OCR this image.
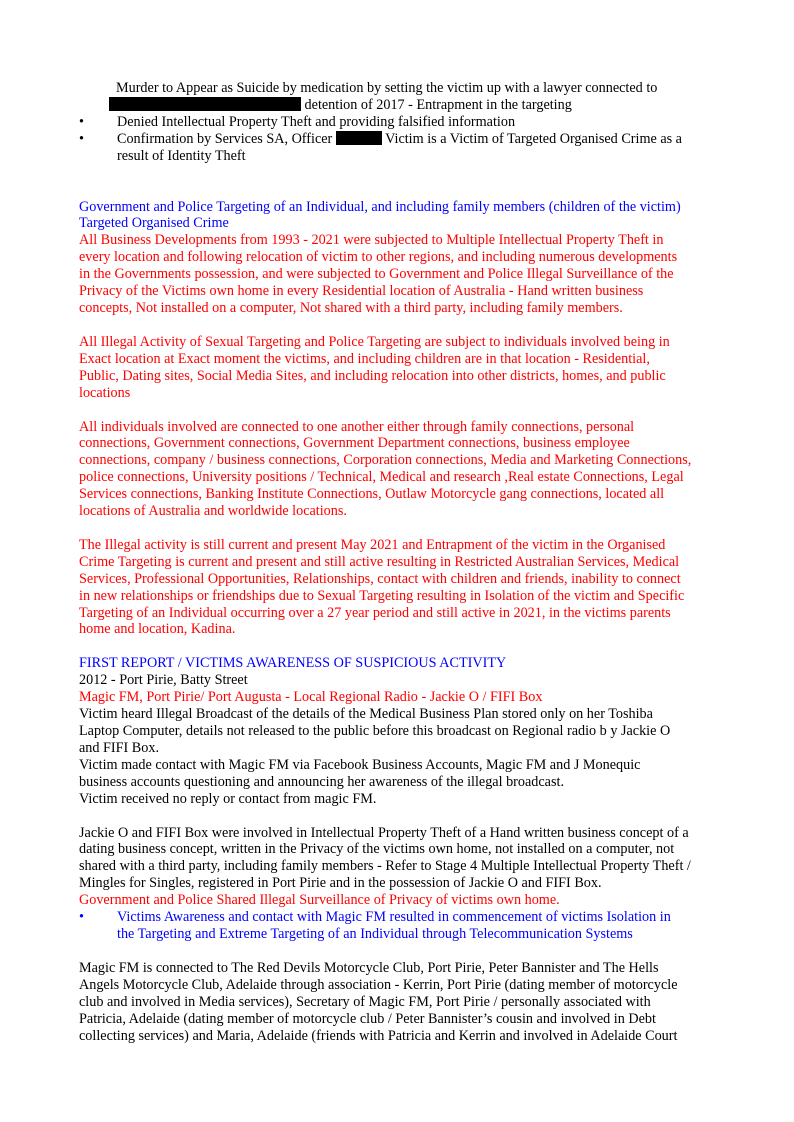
Murder to Appear as Suicide by medication by setting the victim up with a lawyer connected to
detention of 2017 - Entrapment in the targeting
• Denied Intellectual Property Theft and providing falsified information
• Confirmation by Services SA, Officer	Victim is a Victim of Targeted Organised Crime as a
result of Identity Theft
Government and Police Targeting of an Individual, and including family members (children of the victim)
Targeted Organised Crime
All Business Developments from 1993 - 2021 were subjected to Multiple Intellectual Property Theft in
every location and following relocation of victim to other regions, and including numerous developments
in the Governments possession, and were subjected to Government and Police Illegal Surveillance of the
Privacy of the Victims own home in every Residential location of Australia - Hand written business
concepts, Not installed on a computer, Not shared with a third party, including family members.
All Illegal Activity of Sexual Targeting and Police Targeting are subject to individuals involved being in
Exact location at Exact moment the victims, and including children are in that location - Residential,
Public, Dating sites, Social Media Sites, and including relocation into other districts, homes, and public
locations
All individuals involved are connected to one another either through family connections, personal
connections, Government connections, Government Department connections, business employee
connections, company / business connections, Corporation connections, Media and Marketing Connections,
police connections, University positions / Technical, Medical and research ,Real estate Connections, Legal
Services connections, Banking Institute Connections, Outlaw Motorcycle gang connections, located all
locations of Australia and worldwide locations.
The Illegal activity is still current and present May 2021 and Entrapment of the victim in the Organised
Crime Targeting is current and present and still active resulting in Restricted Australian Services, Medical
Services, Professional Opportunities, Relationships, contact with children and friends, inability to connect
in new relationships or friendships due to Sexual Targeting resulting in Isolation of the victim and Specific
Targeting of an Individual occurring over a 27 year period and still active in 2021, in the victims parents
home and location, Kadina.
FIRST REPORT / VICTIMS AWARENESS OF SUSPICIOUS ACTIVITY
2012 - Port Pirie, Batty Street
Magic FM, Port Pirie/ Port Augusta - Local Regional Radio - Jackie O / FIFI Box
Victim heard Illegal Broadcast of the details of the Medical Business Plan stored only on her Toshiba
Laptop Computer, details not released to the public before this broadcast on Regional radio b y Jackie O
and FIFI Box.
Victim made contact with Magic FM via Facebook Business Accounts, Magic FM and J Monequic
business accounts questioning and announcing her awareness of the illegal broadcast.
Victim received no reply or contact from magic FM.
Jackie O and FIFI Box were involved in Intellectual Property Theft of a Hand written business concept of a
dating business concept, written in the Privacy of the victims own home, not installed on a computer, not
shared with a third party, including family members - Refer to Stage 4 Multiple Intellectual Property Theft /
Mingles for Singles, registered in Port Pirie and in the possession of Jackie O and FIFI Box.
Government and Police Shared Illegal Surveillance of Privacy of victims own home.
• Victims Awareness and contact with Magic FM resulted in commencement of victims Isolation in
the Targeting and Extreme Targeting of an Individual through Telecommunication Systems
Magic FM is connected to The Red Devils Motorcycle Club, Port Pirie, Peter Bannister and The Hells
Angels Motorcycle Club, Adelaide through association - Kerrin, Port Pirie (dating member of motorcycle
club and involved in Media services), Secretary of Magic FM, Port Pirie / personally associated with
Patricia, Adelaide (dating member of motorcycle club / Peter Bannister’s cousin and involved in Debt
collecting services) and Maria, Adelaide (friends with Patricia and Kerrin and involved in Adelaide Court
